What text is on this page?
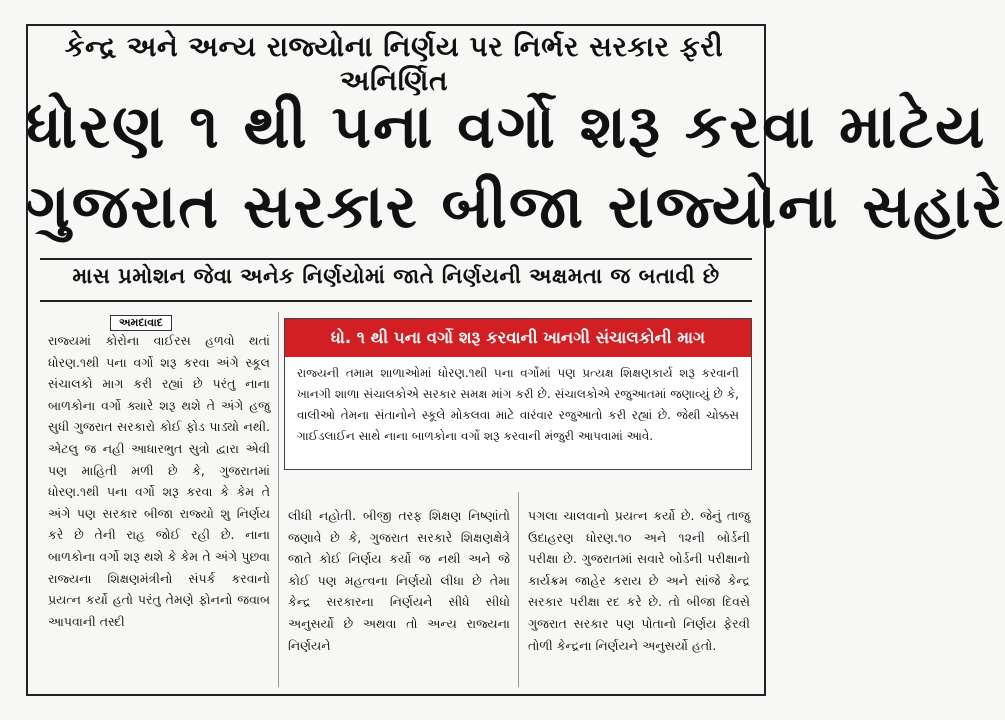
કેન્દ્ર અને અન્ય રાજ્યોના નિર્ણય પર નિર્ભર સરકાર ફરી અનિર્ણિત
ધોરણ ૧ થી ૫ના વર્ગો શરૂ કરવા માટેય
ગુજરાત સરકાર બીજા રાજ્યોના સહારે
માસ પ્રમોશન જેવા અનેક નિર્ણયોમાં જાતે નિર્ણયની અક્ષમતા જ બતાવી છે
અમદાવાદ
રાજ્યમાં કોરોના વાઈરસ હળવો થતાં ધોરણ.૧થી ૫ના વર્ગો શરૂ કરવા અંગે સ્કૂલ સંચાલકો માગ કરી રહ્યાં છે પરંતુ નાના બાળકોના વર્ગો ક્યારે શરૂ થશે તે અંગે હજુ સુધી ગુજરાત સરકારો કોઈ ફોડ પાડ્યો નથી. એટલુ જ નહી આધારભુત સુત્રો દ્વારા એવી પણ માહિતી મળી છે કે, ગુજરાતમાં ધોરણ.૧થી ૫ના વર્ગો શરૂ કરવા કે કેમ તે અંગે પણ સરકાર બીજા રાજ્યો શુ નિર્ણય કરે છે તેની રાહ જોઈ રહી છે. નાના બાળકોના વર્ગો શરૂ થશે કે કેમ તે અંગે પુછવા રાજ્યના શિક્ષણમંત્રીનો સંપર્ક કરવાનો પ્રયત્ન કર્યો હતો પરંતુ તેમણે ફોનનો જવાબ આપવાની તસ્દી
ધો. ૧ થી ૫ના વર્ગો શરૂ કરવાની ખાનગી સંચાલકોની માગ
રાજ્યની તમામ શાળાઓમાં ધોરણ.૧થી ૫ના વર્ગોમાં પણ પ્રત્યક્ષ શિક્ષણકાર્ય શરૂ કરવાની ખાનગી શાળા સંચાલકોએ સરકાર સમક્ષ માંગ કરી છે. સંચાલકોએ રજુઆતમાં જણાવ્યું છે કે, વાલીઓ તેમના સંતાનોને સ્કૂલે મોકલવા માટે વારંવાર રજુઆતો કરી રહ્યાં છે. જેથી ચોક્કસ ગાઈડલાઈન સાથે નાના બાળકોના વર્ગો શરૂ કરવાની મંજુરી આપવામાં આવે.
લીધી નહોતી. બીજી તરફ શિક્ષણ નિષ્ણાંતો જણાવે છે કે, ગુજરાત સરકારે શિક્ષણક્ષેત્રે જાતે કોઈ નિર્ણય કર્યો જ નથી અને જે કોઈ પણ મહત્વના નિર્ણયો લીધા છે તેમા કેન્દ્ર સરકારના નિર્ણયને સીધે સીધો અનુસર્યો છે અથવા તો અન્ય રાજ્યના નિર્ણયને
પગલા ચાલવાનો પ્રયત્ન કર્યો છે. જેનું તાજુ ઉદાહરણ ધોરણ.૧૦ અને ૧૨ની બોર્ડની પરીક્ષા છે. ગુજરાતમાં સવારે બોર્ડની પરીક્ષાનો કાર્યક્રમ જાહેર કરાય છે અને સાંજે કેન્દ્ર સરકાર પરીક્ષા રદ કરે છે. તો બીજા દિવસે ગુજરાત સરકાર પણ પોતાનો નિર્ણય ફેરવી તોળી કેન્દ્રના નિર્ણયને અનુસર્યો હતો.
